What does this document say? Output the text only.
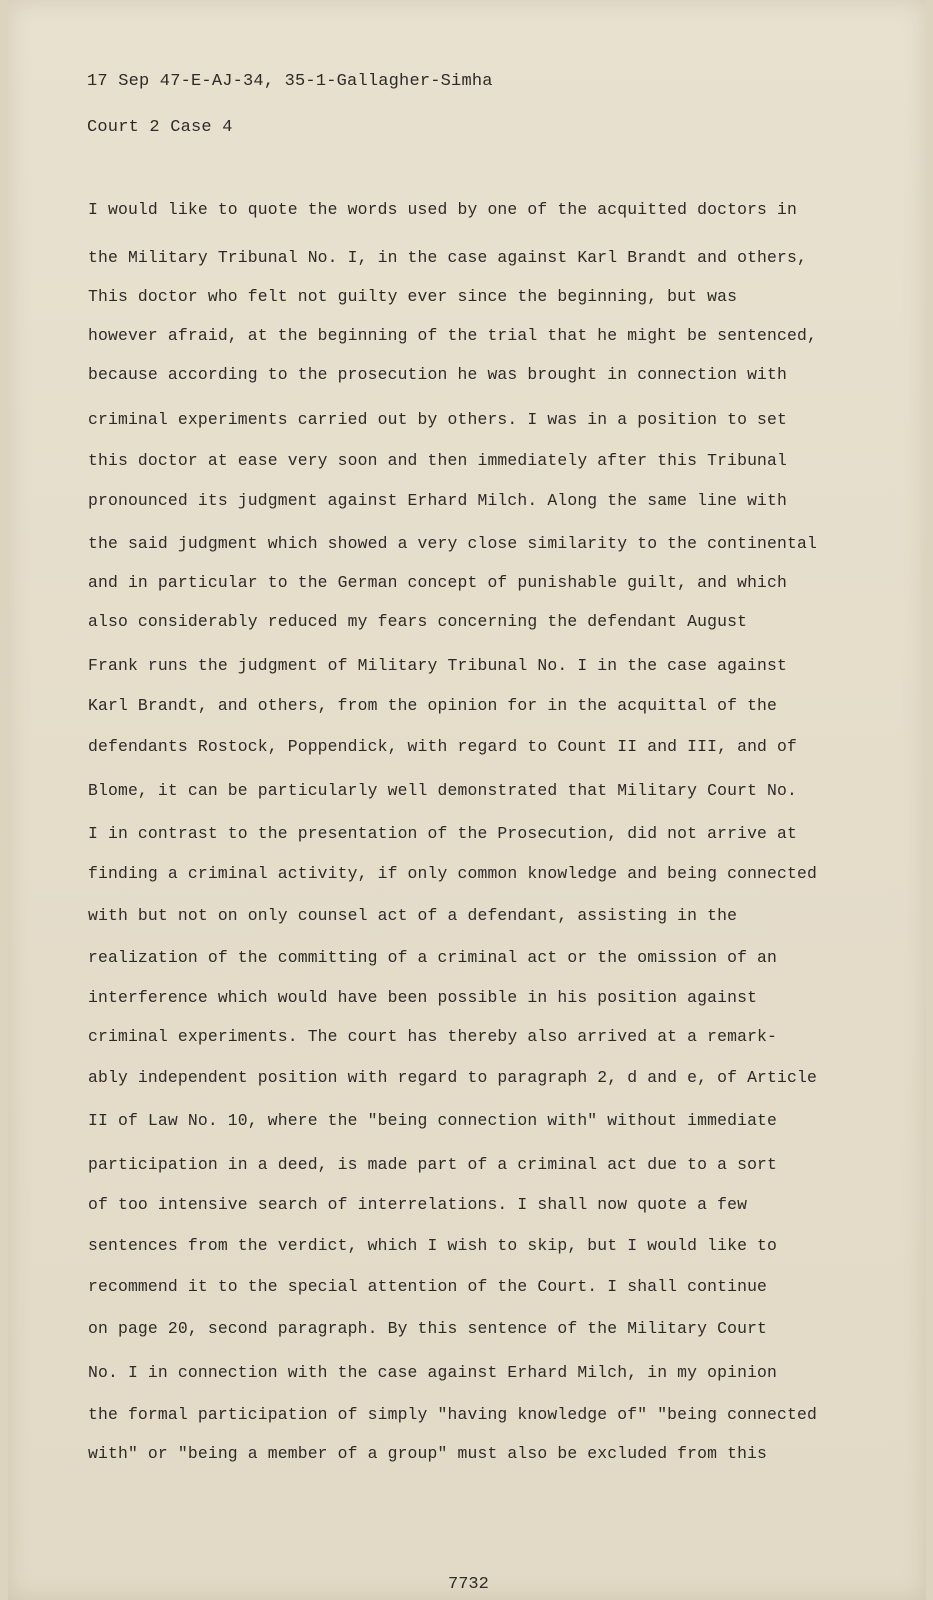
17 Sep 47-E-AJ-34, 35-1-Gallagher-Simha
Court 2 Case 4
I would like to quote the words used by one of the acquitted doctors in
the Military Tribunal No. I, in the case against Karl Brandt and others,
This doctor who felt not guilty ever since the beginning, but was
however afraid, at the beginning of the trial that he might be sentenced,
because according to the prosecution he was brought in connection with
criminal experiments carried out by others. I was in a position to set
this doctor at ease very soon and then immediately after this Tribunal
pronounced its judgment against Erhard Milch. Along the same line with
the said judgment which showed a very close similarity to the continental
and in particular to the German concept of punishable guilt, and which
also considerably reduced my fears concerning the defendant August
Frank runs the judgment of Military Tribunal No. I in the case against
Karl Brandt, and others, from the opinion for in the acquittal of the
defendants Rostock, Poppendick, with regard to Count II and III, and of
Blome, it can be particularly well demonstrated that Military Court No.
I in contrast to the presentation of the Prosecution, did not arrive at
finding a criminal activity, if only common knowledge and being connected
with but not on only counsel act of a defendant, assisting in the
realization of the committing of a criminal act or the omission of an
interference which would have been possible in his position against
criminal experiments. The court has thereby also arrived at a remark-
ably independent position with regard to paragraph 2, d and e, of Article
II of Law No. 10, where the "being connection with" without immediate
participation in a deed, is made part of a criminal act due to a sort
of too intensive search of interrelations. I shall now quote a few
sentences from the verdict, which I wish to skip, but I would like to
recommend it to the special attention of the Court. I shall continue
on page 20, second paragraph. By this sentence of the Military Court
No. I in connection with the case against Erhard Milch, in my opinion
the formal participation of simply "having knowledge of" "being connected
with" or "being a member of a group" must also be excluded from this
7732
